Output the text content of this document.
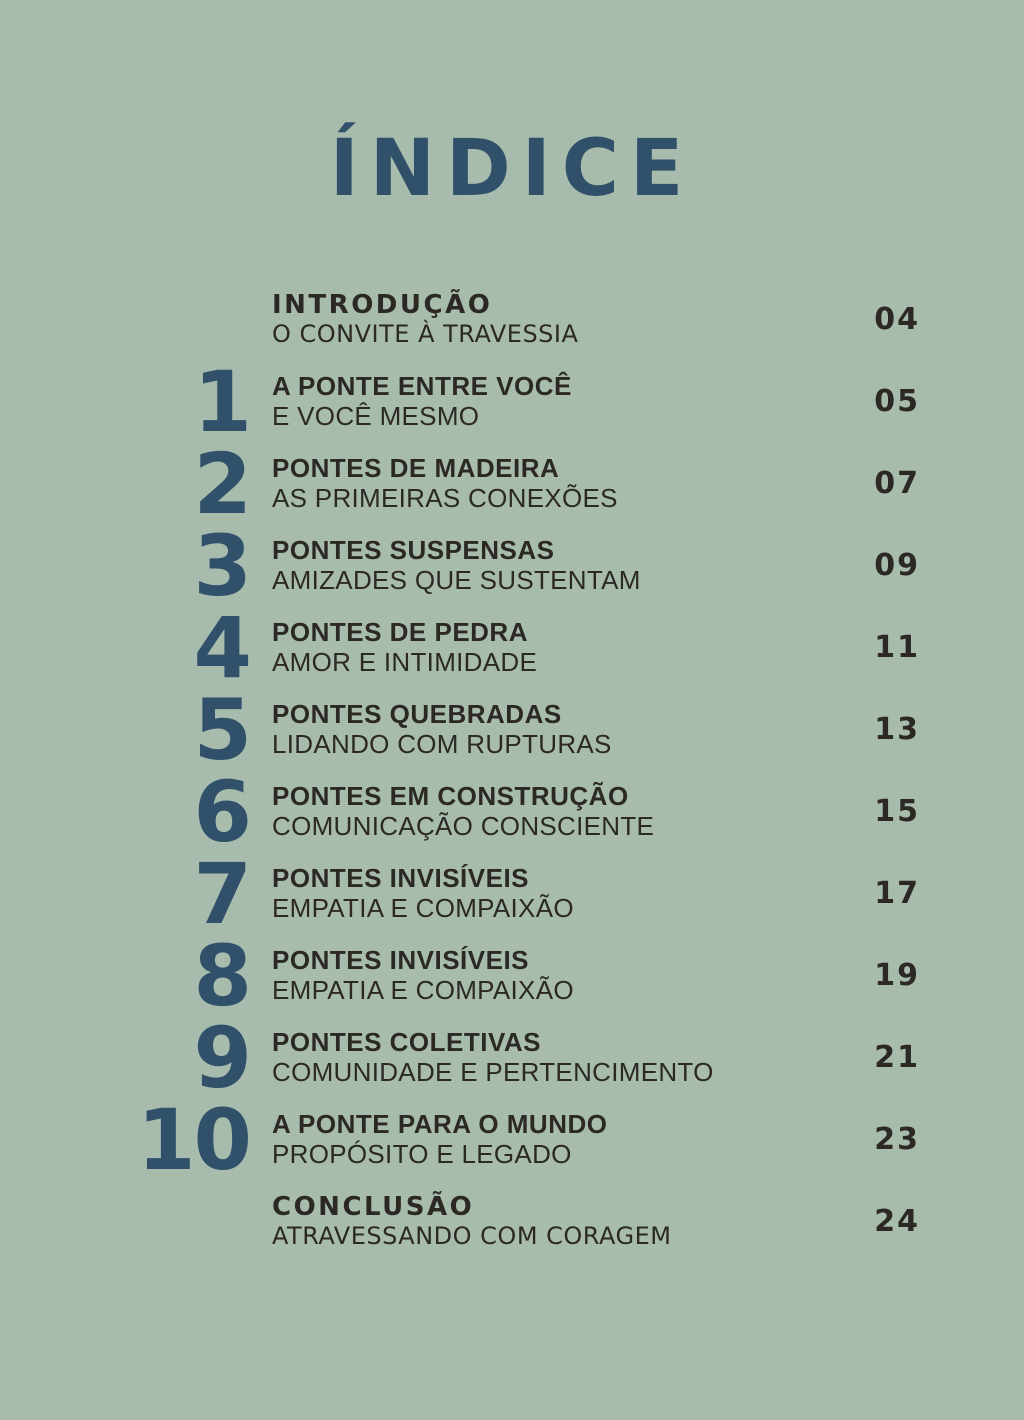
ÍNDICE
INTRODUÇÃO
O CONVITE À TRAVESSIA	04
1 A PONTE ENTRE VOCÊ
E VOCÊ MESMO	05
2 PONTES DE MADEIRA
AS PRIMEIRAS CONEXÕES	07
3 PONTES SUSPENSAS
AMIZADES QUE SUSTENTAM	09
4 PONTES DE PEDRA
AMOR E INTIMIDADE	11
5 PONTES QUEBRADAS
LIDANDO COM RUPTURAS	13
6 PONTES EM CONSTRUÇÃO
COMUNICAÇÃO CONSCIENTE	15
7 PONTES INVISÍVEIS
EMPATIA E COMPAIXÃO	17
8 PONTES INVISÍVEIS
EMPATIA E COMPAIXÃO	19
9 PONTES COLETIVAS
COMUNIDADE E PERTENCIMENTO	21
10 A PONTE PARA O MUNDO
PROPÓSITO E LEGADO	23
CONCLUSÃO
ATRAVESSANDO COM CORAGEM	24
